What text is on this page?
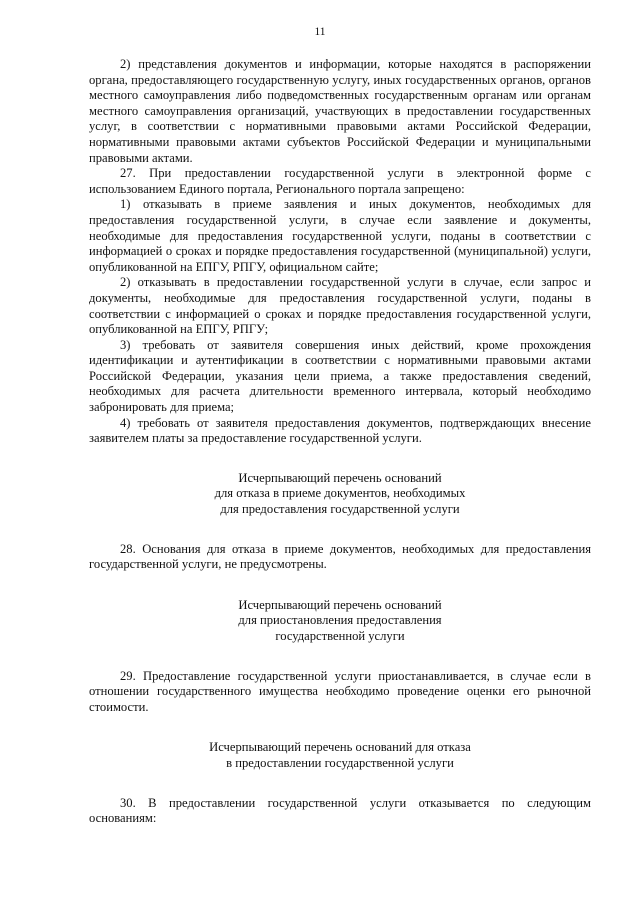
11

2) представления документов и информации, которые находятся в распоряжении органа, предоставляющего государственную услугу, иных государственных органов, органов местного самоуправления либо подведомственных государственным органам или органам местного самоуправления организаций, участвующих в предоставлении государственных услуг, в соответствии с нормативными правовыми актами Российской Федерации, нормативными правовыми актами субъектов Российской Федерации и муниципальными правовыми актами.

27. При предоставлении государственной услуги в электронной форме с использованием Единого портала, Регионального портала запрещено:

1) отказывать в приеме заявления и иных документов, необходимых для предоставления государственной услуги, в случае если заявление и документы, необходимые для предоставления государственной услуги, поданы в соответствии с информацией о сроках и порядке предоставления государственной (муниципальной) услуги, опубликованной на ЕПГУ, РПГУ, официальном сайте;

2) отказывать в предоставлении государственной услуги в случае, если запрос и документы, необходимые для предоставления государственной услуги, поданы в соответствии с информацией о сроках и порядке предоставления государственной услуги, опубликованной на ЕПГУ, РПГУ;

3) требовать от заявителя совершения иных действий, кроме прохождения идентификации и аутентификации в соответствии с нормативными правовыми актами Российской Федерации, указания цели приема, а также предоставления сведений, необходимых для расчета длительности временного интервала, который необходимо забронировать для приема;

4) требовать от заявителя предоставления документов, подтверждающих внесение заявителем платы за предоставление государственной услуги.

Исчерпывающий перечень оснований
для отказа в приеме документов, необходимых
для предоставления государственной услуги

28. Основания для отказа в приеме документов, необходимых для предоставления государственной услуги, не предусмотрены.

Исчерпывающий перечень оснований
для приостановления предоставления
государственной услуги

29. Предоставление государственной услуги приостанавливается, в случае если в отношении государственного имущества необходимо проведение оценки его рыночной стоимости.

Исчерпывающий перечень оснований для отказа
в предоставлении государственной услуги

30. В предоставлении государственной услуги отказывается по следующим основаниям:
